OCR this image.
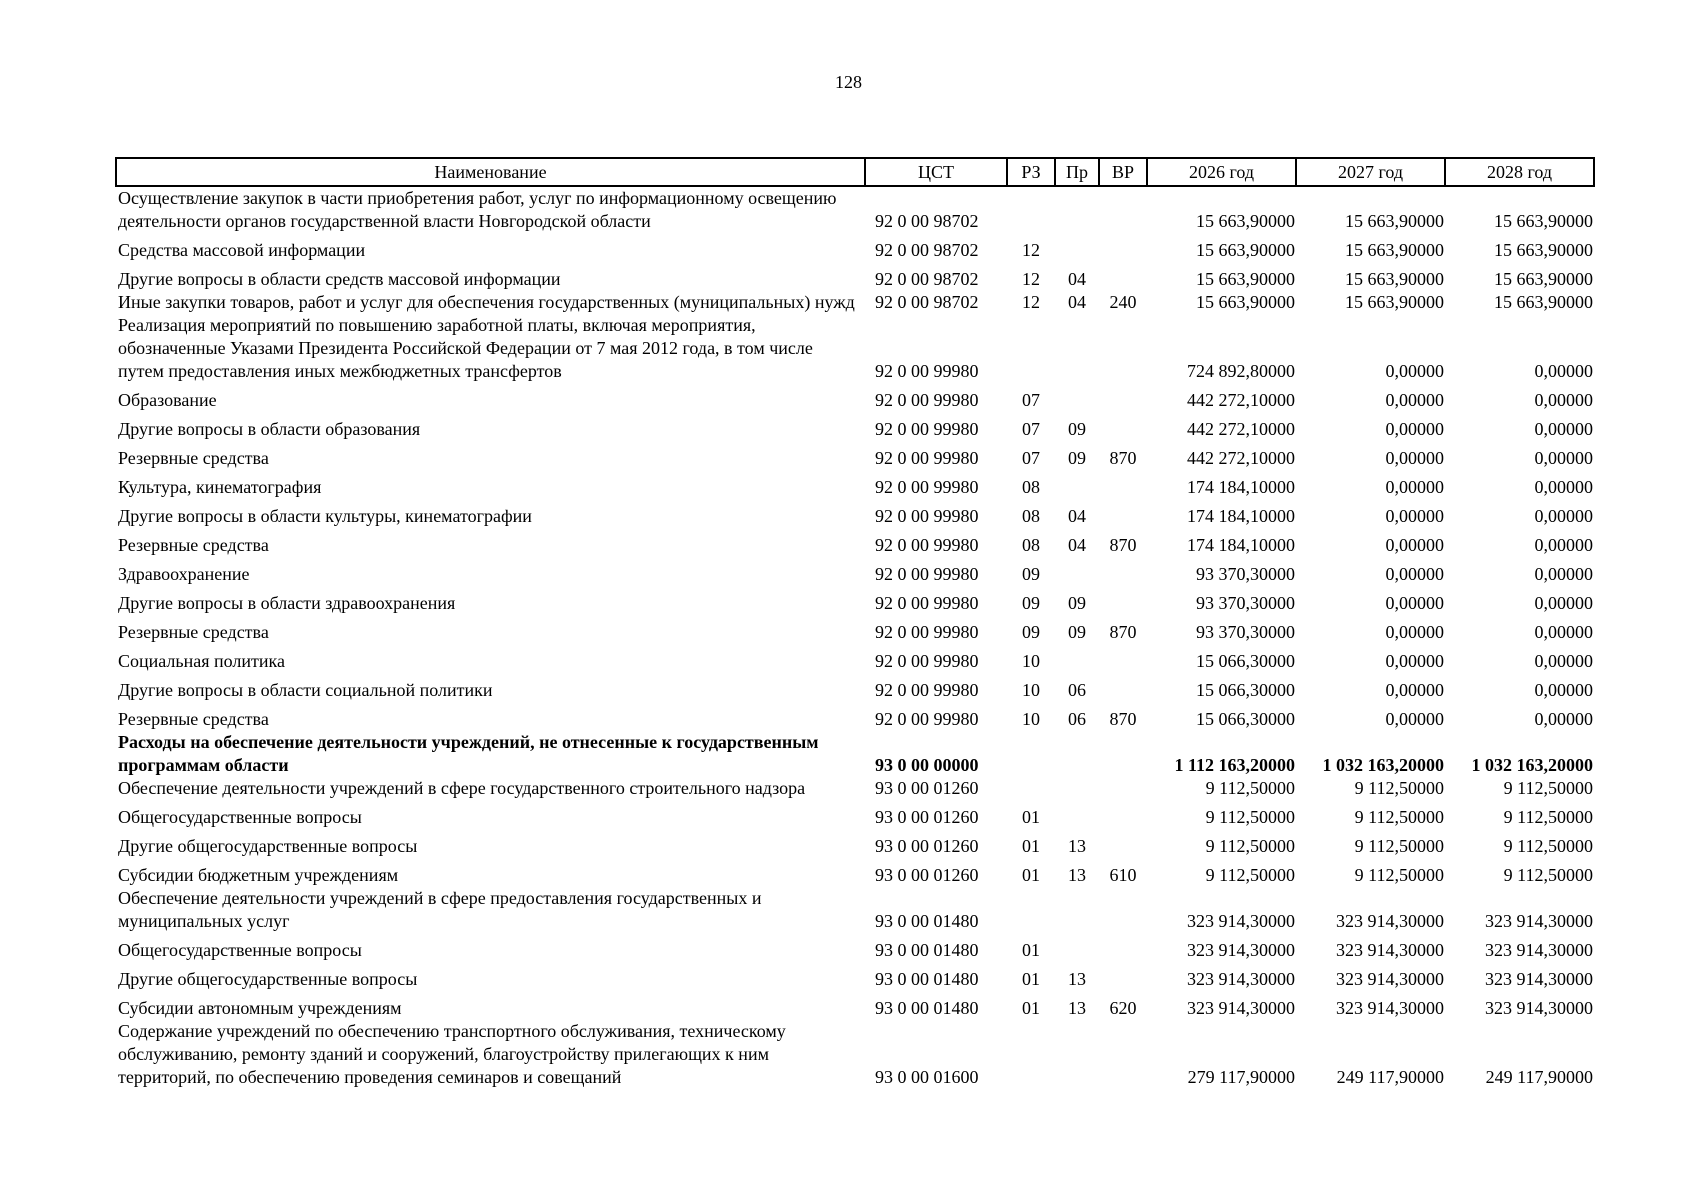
128
Наименование	ЦСТ	РЗ	Пр	ВР	2026 год	2027 год	2028 год
Осуществление закупок в части приобретения работ, услуг по информационному освещению деятельности органов государственной власти Новгородской области	92 0 00 98702				15 663,90000	15 663,90000	15 663,90000
Средства массовой информации	92 0 00 98702	12			15 663,90000	15 663,90000	15 663,90000
Другие вопросы в области средств массовой информации	92 0 00 98702	12	04		15 663,90000	15 663,90000	15 663,90000
Иные закупки товаров, работ и услуг для обеспечения государственных (муниципальных) нужд	92 0 00 98702	12	04	240	15 663,90000	15 663,90000	15 663,90000
Реализация мероприятий по повышению заработной платы, включая мероприятия, обозначенные Указами Президента Российской Федерации от 7 мая 2012 года, в том числе путем предоставления иных межбюджетных трансфертов	92 0 00 99980				724 892,80000	0,00000	0,00000
Образование	92 0 00 99980	07			442 272,10000	0,00000	0,00000
Другие вопросы в области образования	92 0 00 99980	07	09		442 272,10000	0,00000	0,00000
Резервные средства	92 0 00 99980	07	09	870	442 272,10000	0,00000	0,00000
Культура, кинематография	92 0 00 99980	08			174 184,10000	0,00000	0,00000
Другие вопросы в области культуры, кинематографии	92 0 00 99980	08	04		174 184,10000	0,00000	0,00000
Резервные средства	92 0 00 99980	08	04	870	174 184,10000	0,00000	0,00000
Здравоохранение	92 0 00 99980	09			93 370,30000	0,00000	0,00000
Другие вопросы в области здравоохранения	92 0 00 99980	09	09		93 370,30000	0,00000	0,00000
Резервные средства	92 0 00 99980	09	09	870	93 370,30000	0,00000	0,00000
Социальная политика	92 0 00 99980	10			15 066,30000	0,00000	0,00000
Другие вопросы в области социальной политики	92 0 00 99980	10	06		15 066,30000	0,00000	0,00000
Резервные средства	92 0 00 99980	10	06	870	15 066,30000	0,00000	0,00000
Расходы на обеспечение деятельности учреждений, не отнесенные к государственным программам области	93 0 00 00000				1 112 163,20000	1 032 163,20000	1 032 163,20000
Обеспечение деятельности учреждений в сфере государственного строительного надзора	93 0 00 01260				9 112,50000	9 112,50000	9 112,50000
Общегосударственные вопросы	93 0 00 01260	01			9 112,50000	9 112,50000	9 112,50000
Другие общегосударственные вопросы	93 0 00 01260	01	13		9 112,50000	9 112,50000	9 112,50000
Субсидии бюджетным учреждениям	93 0 00 01260	01	13	610	9 112,50000	9 112,50000	9 112,50000
Обеспечение деятельности учреждений в сфере предоставления государственных и муниципальных услуг	93 0 00 01480				323 914,30000	323 914,30000	323 914,30000
Общегосударственные вопросы	93 0 00 01480	01			323 914,30000	323 914,30000	323 914,30000
Другие общегосударственные вопросы	93 0 00 01480	01	13		323 914,30000	323 914,30000	323 914,30000
Субсидии автономным учреждениям	93 0 00 01480	01	13	620	323 914,30000	323 914,30000	323 914,30000
Содержание учреждений по обеспечению транспортного обслуживания, техническому обслуживанию, ремонту зданий и сооружений, благоустройству прилегающих к ним территорий, по обеспечению проведения семинаров и совещаний	93 0 00 01600				279 117,90000	249 117,90000	249 117,90000
